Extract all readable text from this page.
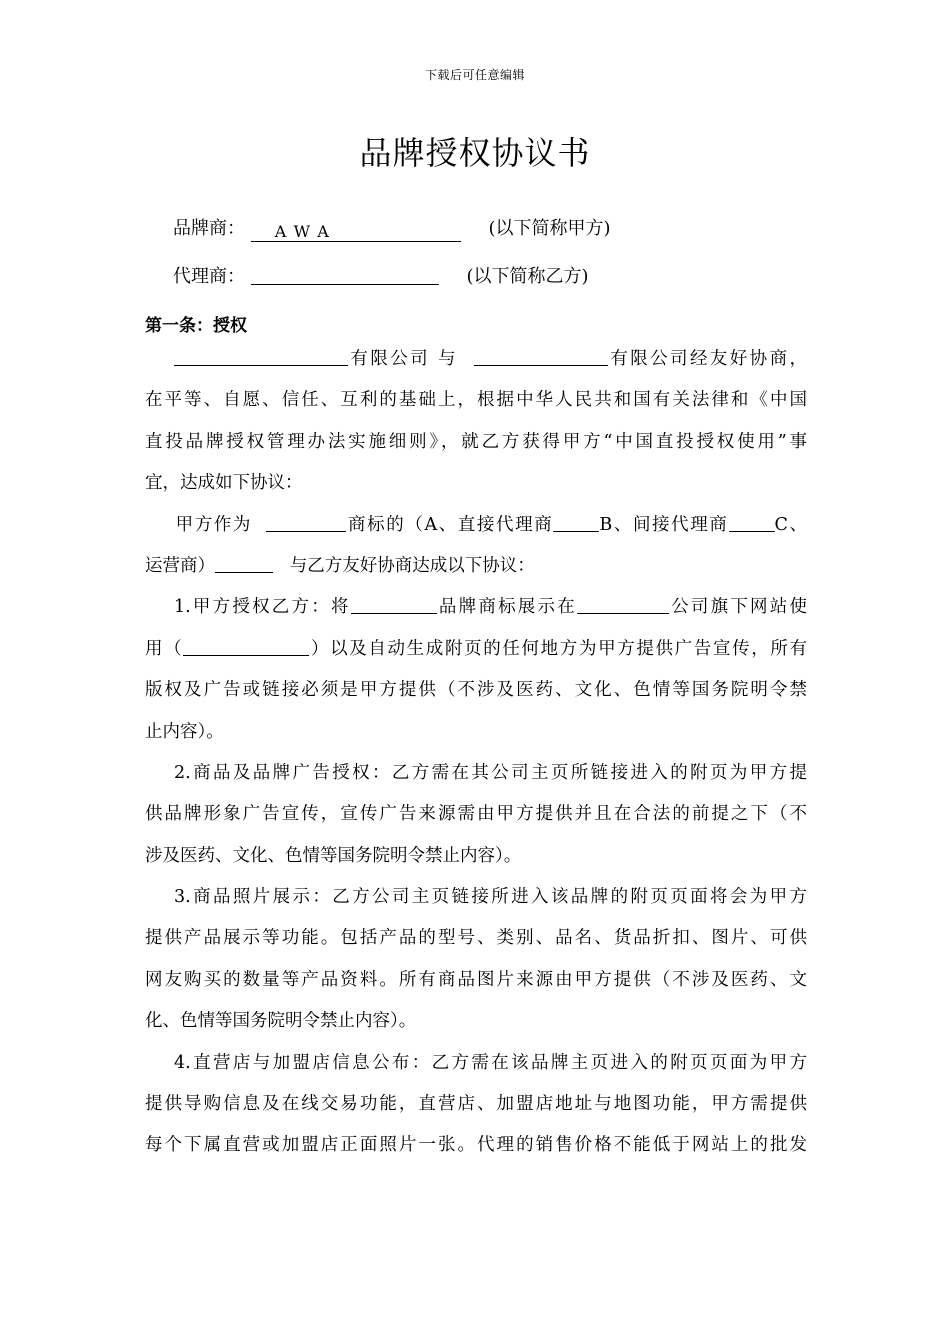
下载后可任意编辑
品牌授权协议书
品牌商： AWA	(以下简称甲方)
代理商：	(以下简称乙方)
第一条：授权
有限公司 与	有限公司经友好协商，
在平等、自愿、信任、互利的基础上，根据中华人民共和国有关法律和《中国
直投品牌授权管理办法实施细则》，就乙方获得甲方“中国直投授权使用”事
宜，达成如下协议：
甲方作为	商标的（A、直接代理商	B、间接代理商	C、
运营商）	与乙方友好协商达成以下协议：
1.甲方授权乙方：将	品牌商标展示在	公司旗下网站使
用（	）以及自动生成附页的任何地方为甲方提供广告宣传，所有
版权及广告或链接必须是甲方提供（不涉及医药、文化、色情等国务院明令禁
止内容）。
2.商品及品牌广告授权：乙方需在其公司主页所链接进入的附页为甲方提
供品牌形象广告宣传，宣传广告来源需由甲方提供并且在合法的前提之下（不
涉及医药、文化、色情等国务院明令禁止内容）。
3.商品照片展示：乙方公司主页链接所进入该品牌的附页页面将会为甲方
提供产品展示等功能。包括产品的型号、类别、品名、货品折扣、图片、可供
网友购买的数量等产品资料。所有商品图片来源由甲方提供（不涉及医药、文
化、色情等国务院明令禁止内容）。
4.直营店与加盟店信息公布：乙方需在该品牌主页进入的附页页面为甲方
提供导购信息及在线交易功能，直营店、加盟店地址与地图功能，甲方需提供
每个下属直营或加盟店正面照片一张。代理的销售价格不能低于网站上的批发
